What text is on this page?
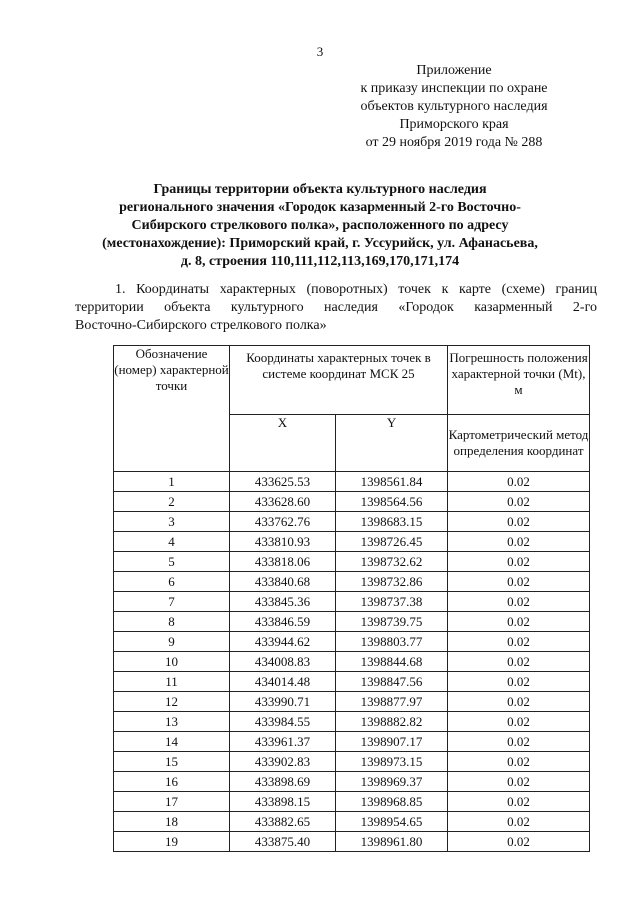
3
Приложение
к приказу инспекции по охране
объектов культурного наследия
Приморского края
от 29 ноября 2019 года № 288
Границы территории объекта культурного наследия
регионального значения «Городок казарменный 2-го Восточно-
Сибирского стрелкового полка», расположенного по адресу
(местонахождение): Приморский край, г. Уссурийск, ул. Афанасьева,
д. 8, строения 110,111,112,113,169,170,171,174
1. Координаты характерных (поворотных) точек к карте (схеме) границ
территории объекта культурного наследия «Городок казарменный 2-го
Восточно-Сибирского стрелкового полка»
Обозначение (номер) характерной точки	Координаты характерных точек в системе координат МСК 25		Погрешность положения характерной точки (Mt), м
	X	Y	Картометрический метод определения координат
1	433625.53	1398561.84	0.02
2	433628.60	1398564.56	0.02
3	433762.76	1398683.15	0.02
4	433810.93	1398726.45	0.02
5	433818.06	1398732.62	0.02
6	433840.68	1398732.86	0.02
7	433845.36	1398737.38	0.02
8	433846.59	1398739.75	0.02
9	433944.62	1398803.77	0.02
10	434008.83	1398844.68	0.02
11	434014.48	1398847.56	0.02
12	433990.71	1398877.97	0.02
13	433984.55	1398882.82	0.02
14	433961.37	1398907.17	0.02
15	433902.83	1398973.15	0.02
16	433898.69	1398969.37	0.02
17	433898.15	1398968.85	0.02
18	433882.65	1398954.65	0.02
19	433875.40	1398961.80	0.02
